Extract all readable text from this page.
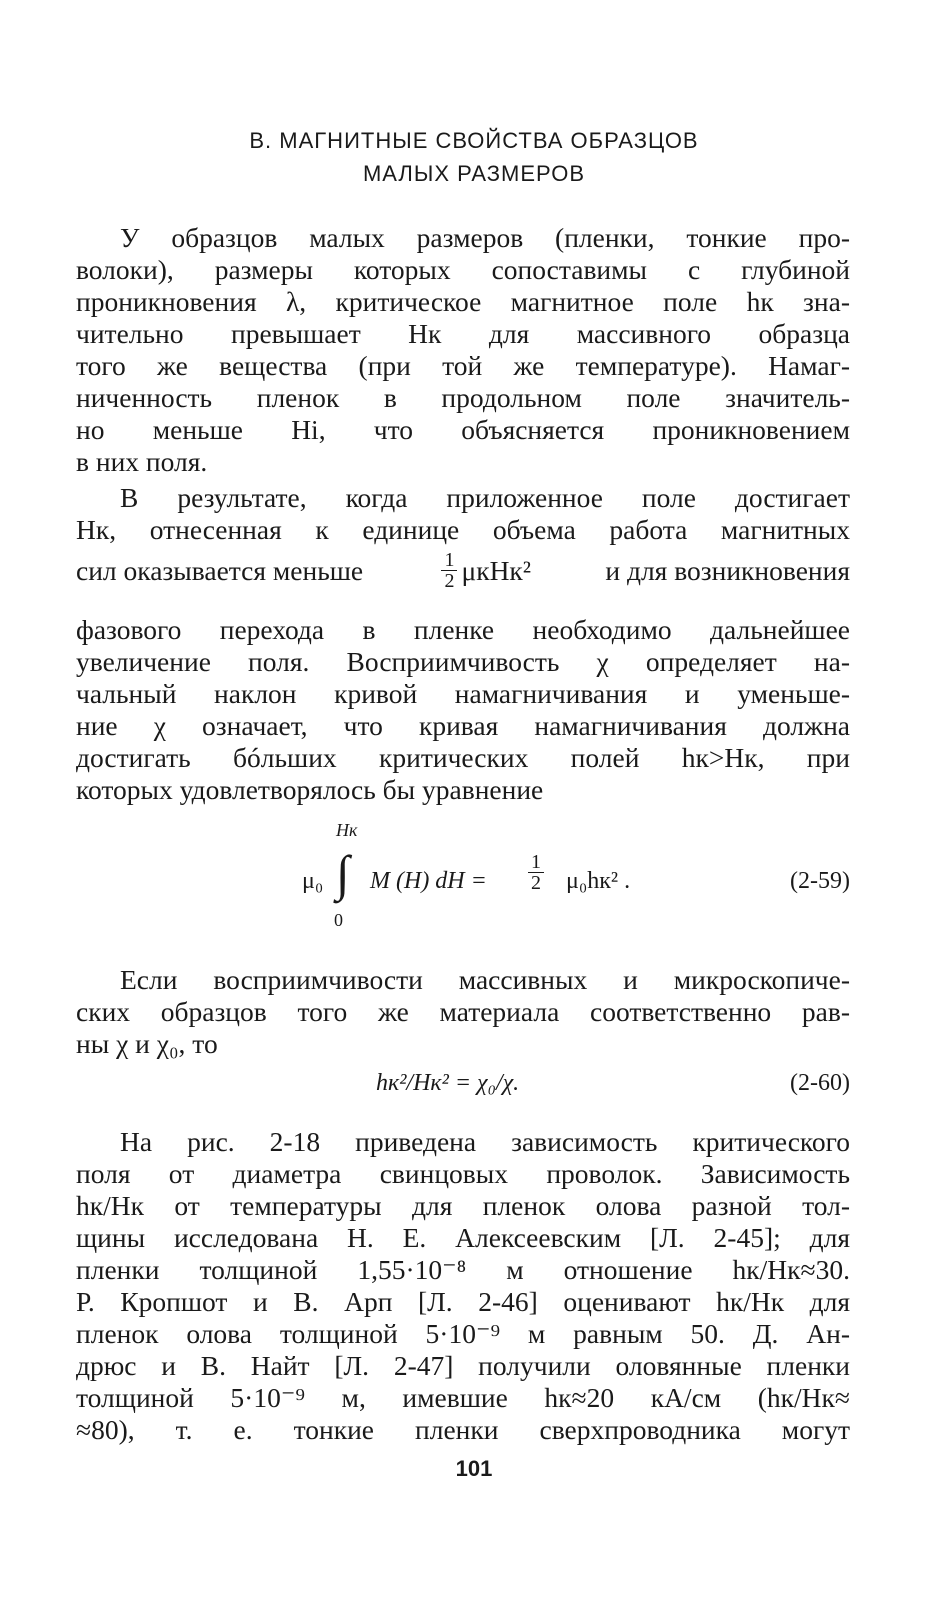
В. МАГНИТНЫЕ СВОЙСТВА ОБРАЗЦОВ
МАЛЫХ РАЗМЕРОВ
У образцов малых размеров (пленки, тонкие про-
волоки), размеры которых сопоставимы с глубиной
проникновения λ, критическое магнитное поле hк зна-
чительно превышает Hк для массивного образца
того же вещества (при той же температуре). Намаг-
ниченность пленок в продольном поле значитель-
но меньше Hi, что объясняется проникновением
в них поля.
В результате, когда приложенное поле достигает
Hк, отнесенная к единице объема работа магнитных
сил оказывается меньше	$\frac{1}{2} \mu кHк^2$	и для возникновения
фазового перехода в пленке необходимо дальнейшее
увеличение поля. Восприимчивость χ определяет на-
чальный наклон кривой намагничивания и уменьше-
ние χ означает, что кривая намагничивания должна
достигать бóльших критических полей hк>Hк, при
которых удовлетворялось бы уравнение
μ₀
Hк
∫
0
M (H) dH = $\frac{1}{2} \mu_0hк^2$ .	(2-59)
Если восприимчивости массивных и микроскопиче-
ских образцов того же материала соответственно рав-
ны χ и χ₀, то
hк²/Hк² = χ₀/χ.	(2-60)
На рис. 2-18 приведена зависимость критического
поля от диаметра свинцовых проволок. Зависимость
hк/Hк от температуры для пленок олова разной тол-
щины исследована Н. Е. Алексеевским [Л. 2-45]; для
пленки толщиной 1,55·10⁻⁸ м отношение hк/Hк≈30.
Р. Кропшот и В. Арп [Л. 2-46] оценивают hк/Hк для
пленок олова толщиной 5·10⁻⁹ м равным 50. Д. Ан-
дрюс и В. Найт [Л. 2-47] получили оловянные пленки
толщиной 5·10⁻⁹ м, имевшие hк≈20 кА/см (hк/Hк≈
≈80), т. е. тонкие пленки сверхпроводника могут
101
